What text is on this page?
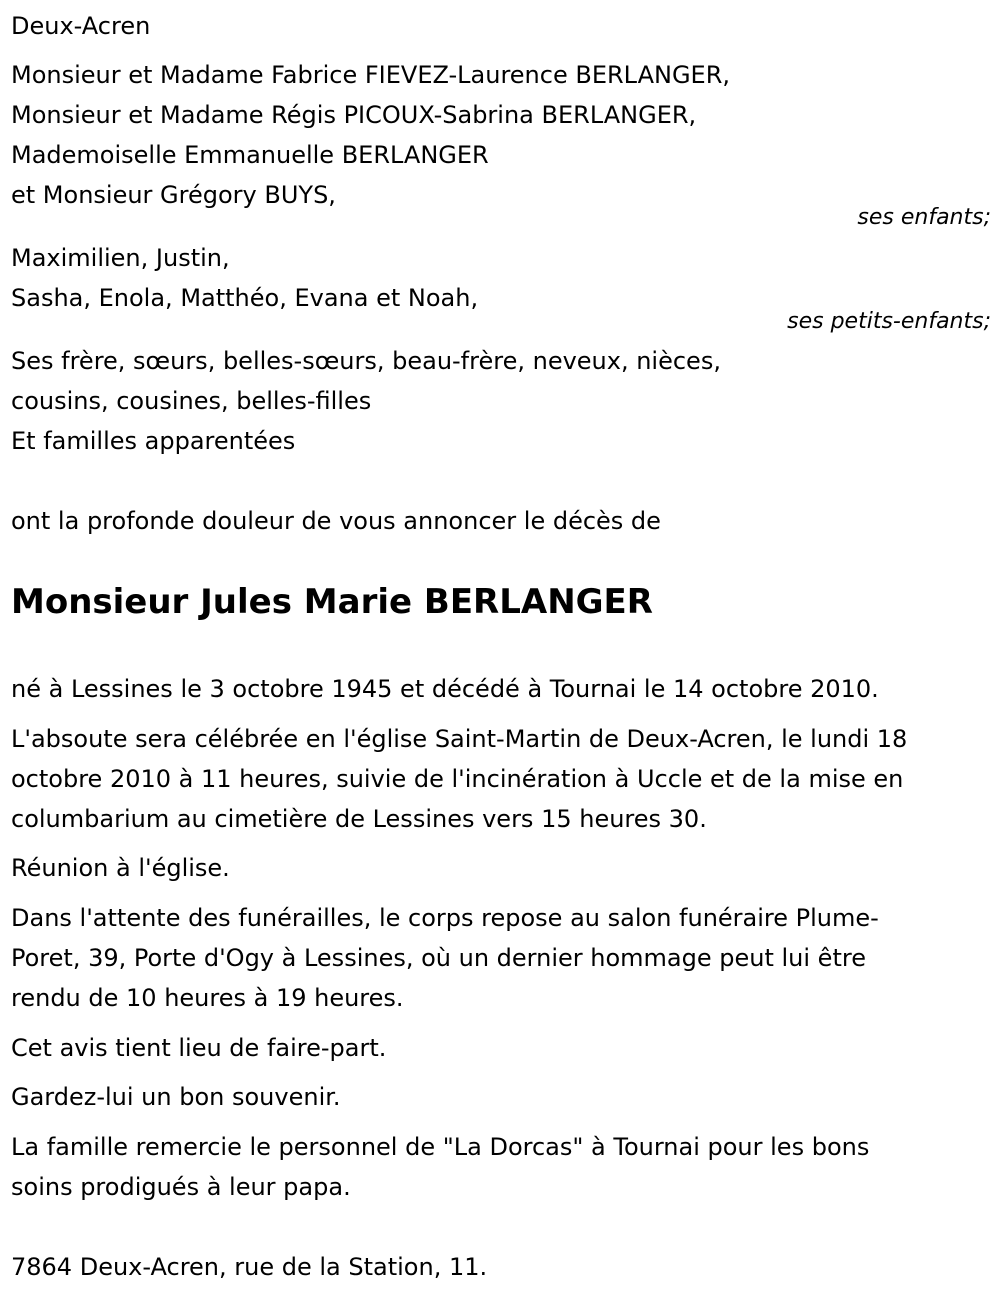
Deux-Acren

Monsieur et Madame Fabrice FIEVEZ-Laurence BERLANGER,

Monsieur et Madame Régis PICOUX-Sabrina BERLANGER,

Mademoiselle Emmanuelle BERLANGER

et Monsieur Grégory BUYS,

ses enfants;

Maximilien, Justin,

Sasha, Enola, Matthéo, Evana et Noah,

ses petits-enfants;

Ses frère, sœurs, belles-sœurs, beau-frère, neveux, nièces,

cousins, cousines, belles-filles

Et familles apparentées

ont la profonde douleur de vous annoncer le décès de

Monsieur Jules Marie BERLANGER

né à Lessines le 3 octobre 1945 et décédé à Tournai le 14 octobre 2010.

L'absoute sera célébrée en l'église Saint-Martin de Deux-Acren, le lundi 18

octobre 2010 à 11 heures, suivie de l'incinération à Uccle et de la mise en

columbarium au cimetière de Lessines vers 15 heures 30.

Réunion à l'église.

Dans l'attente des funérailles, le corps repose au salon funéraire Plume-

Poret, 39, Porte d'Ogy à Lessines, où un dernier hommage peut lui être

rendu de 10 heures à 19 heures.

Cet avis tient lieu de faire-part.

Gardez-lui un bon souvenir.

La famille remercie le personnel de "La Dorcas" à Tournai pour les bons

soins prodigués à leur papa.

7864 Deux-Acren, rue de la Station, 11.
